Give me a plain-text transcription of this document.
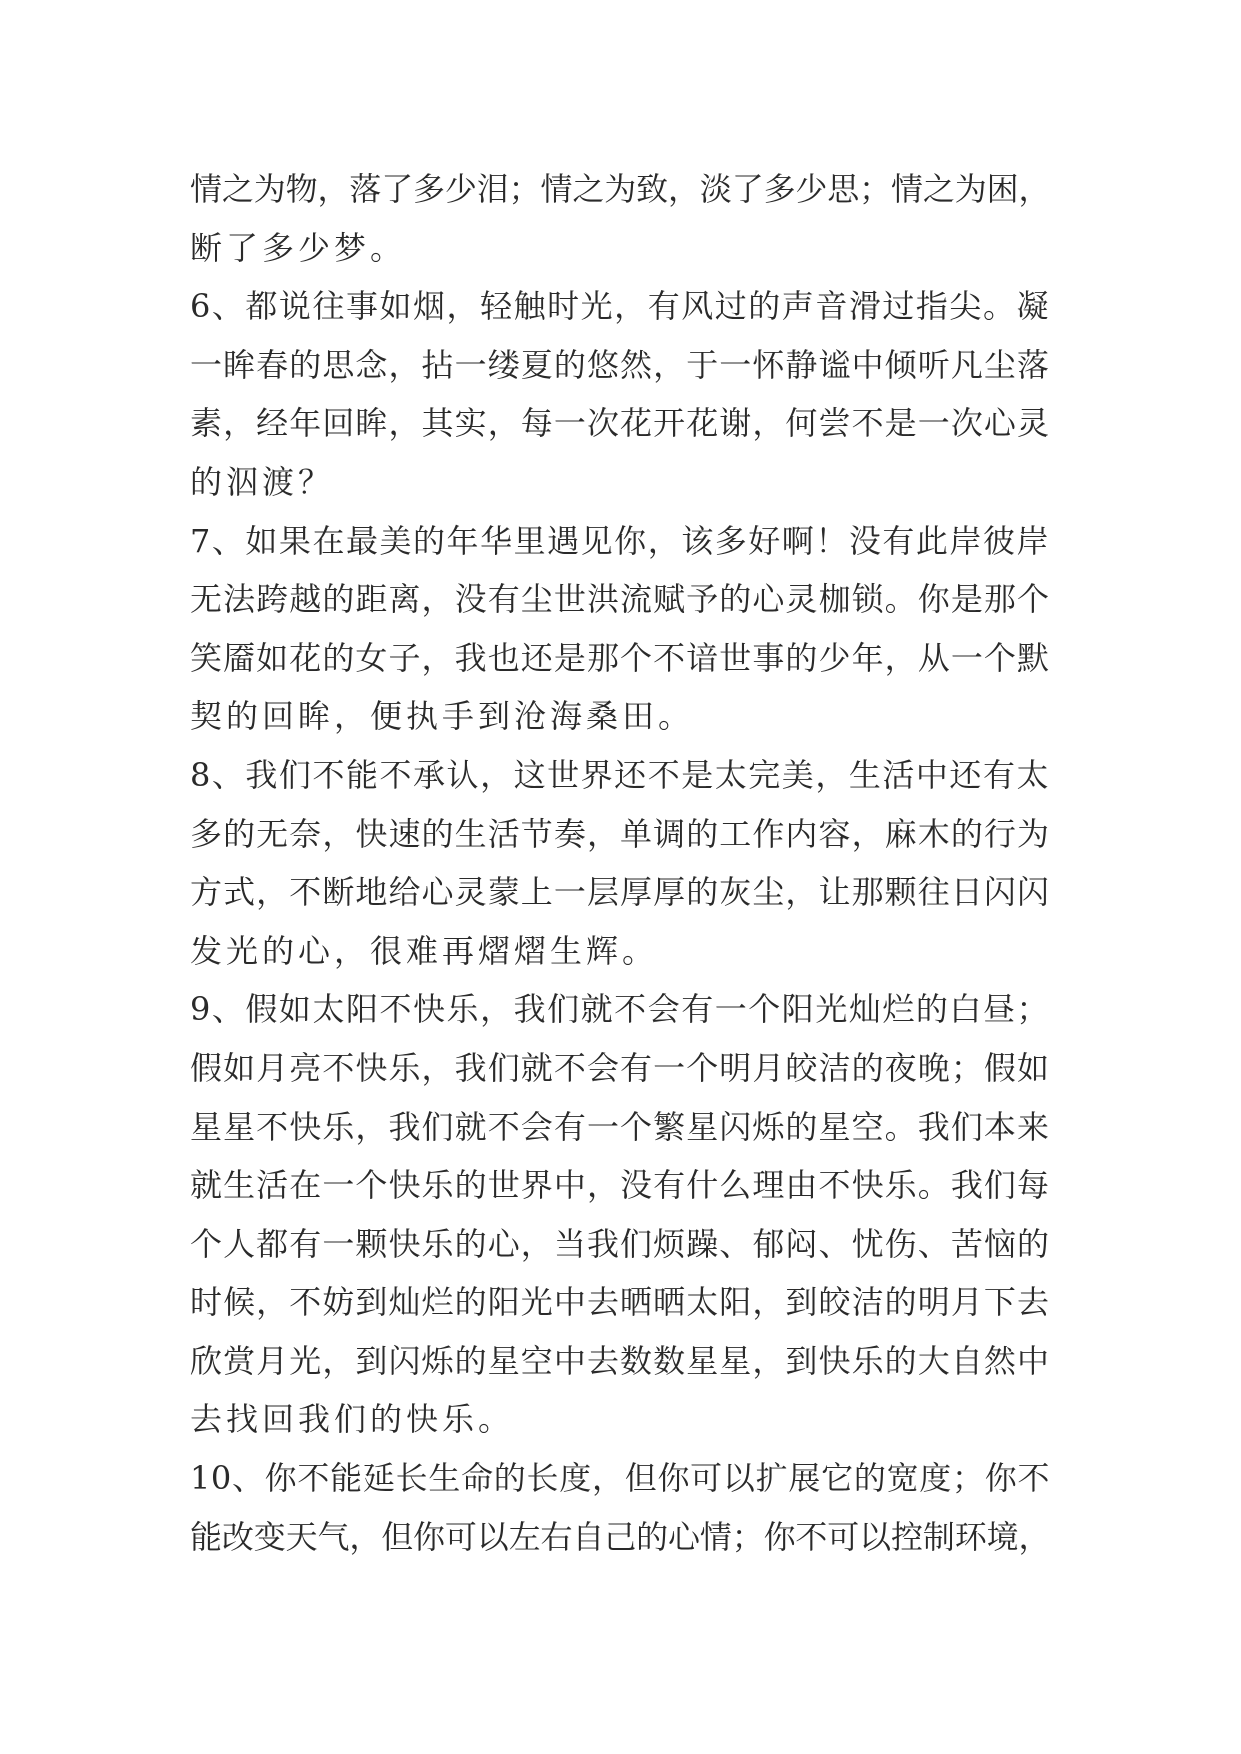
情之为物，落了多少泪；情之为致，淡了多少思；情之为困，
断了多少梦。
6、都说往事如烟，轻触时光，有风过的声音滑过指尖。凝
一眸春的思念，拈一缕夏的悠然，于一怀静谧中倾听凡尘落
素，经年回眸，其实，每一次花开花谢，何尝不是一次心灵
的泅渡？
7、如果在最美的年华里遇见你，该多好啊！没有此岸彼岸
无法跨越的距离，没有尘世洪流赋予的心灵枷锁。你是那个
笑靥如花的女子，我也还是那个不谙世事的少年，从一个默
契的回眸，便执手到沧海桑田。
8、我们不能不承认，这世界还不是太完美，生活中还有太
多的无奈，快速的生活节奏，单调的工作内容，麻木的行为
方式，不断地给心灵蒙上一层厚厚的灰尘，让那颗往日闪闪
发光的心，很难再熠熠生辉。
9、假如太阳不快乐，我们就不会有一个阳光灿烂的白昼；
假如月亮不快乐，我们就不会有一个明月皎洁的夜晚；假如
星星不快乐，我们就不会有一个繁星闪烁的星空。我们本来
就生活在一个快乐的世界中，没有什么理由不快乐。我们每
个人都有一颗快乐的心，当我们烦躁、郁闷、忧伤、苦恼的
时候，不妨到灿烂的阳光中去晒晒太阳，到皎洁的明月下去
欣赏月光，到闪烁的星空中去数数星星，到快乐的大自然中
去找回我们的快乐。
10、你不能延长生命的长度，但你可以扩展它的宽度；你不
能改变天气，但你可以左右自己的心情；你不可以控制环境，
